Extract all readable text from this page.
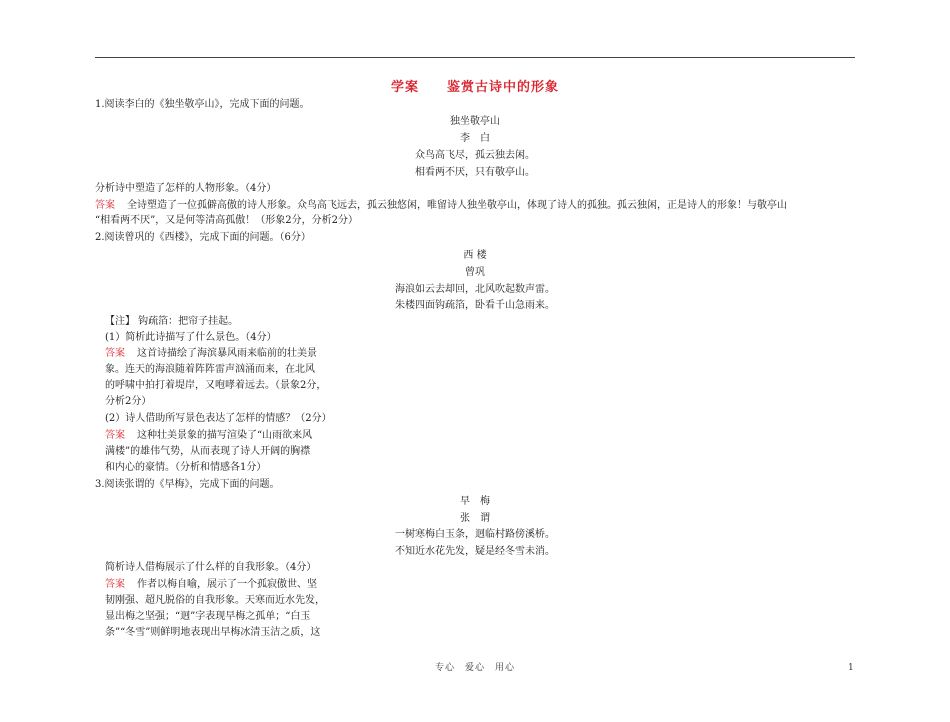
学案　　鉴赏古诗中的形象
1.阅读李白的《独坐敬亭山》，完成下面的问题。
独坐敬亭山
李　白
众鸟高飞尽，孤云独去闲。
相看两不厌，只有敬亭山。
分析诗中塑造了怎样的人物形象。（4分）
答案 全诗塑造了一位孤僻高傲的诗人形象。众鸟高飞远去，孤云独悠闲，唯留诗人独坐敬亭山，体现了诗人的孤独。孤云独闲，正是诗人的形象！与敬亭山
“相看两不厌”，又是何等清高孤傲！（形象2分，分析2分）
2.阅读曾巩的《西楼》，完成下面的问题。（6分）
西 楼
曾巩
海浪如云去却回，北风吹起数声雷。
朱楼四面钩疏箔，卧看千山急雨来。
【注】 钩疏箔：把帘子挂起。
(1）简析此诗描写了什么景色。（4分）
答案 这首诗描绘了海滨暴风雨来临前的壮美景
象。连天的海浪随着阵阵雷声汹涌而来，在北风
的呼啸中拍打着堤岸，又咆哮着远去。（景象2分，
分析2分）
(2）诗人借助所写景色表达了怎样的情感？（2分）
答案 这种壮美景象的描写渲染了“山雨欲来风
满楼”的雄伟气势，从而表现了诗人开阔的胸襟
和内心的豪情。（分析和情感各1分）
3.阅读张谓的《早梅》，完成下面的问题。
早　梅
张　谓
一树寒梅白玉条，迥临村路傍溪桥。
不知近水花先发，疑是经冬雪未消。
简析诗人借梅展示了什么样的自我形象。（4分）
答案 作者以梅自喻，展示了一个孤寂傲世、坚
韧刚强、超凡脱俗的自我形象。天寒而近水先发，
显出梅之坚强；“迥”字表现早梅之孤单；“白玉
条”“冬雪”则鲜明地表现出早梅冰清玉洁之质，这
专心　爱心　用心	1
